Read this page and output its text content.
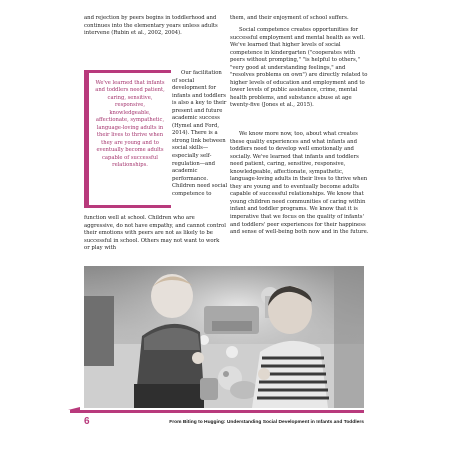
and rejection by peers begins in toddlerhood and continues into the elementary years unless adults intervene (Rubin et al., 2002, 2004).

We've learned that infants and toddlers need patient, caring, sensitive, responsive, knowledgeable, affectionate, sympathetic, language-loving adults in their lives to thrive when they are young and to eventually become adults capable of successful relationships.

Our facilitation of social development for infants and toddlers is also a key to their present and future academic success (Hymel and Ford, 2014). There is a strong link between social skills—especially self-regulation—and academic performance. Children need social competence to

function well at school. Children who are aggressive, do not have empathy, and cannot control their emotions with peers are not as likely to be successful in school. Others may not want to work or play with

them, and their enjoyment of school suffers.

Social competence creates opportunities for successful employment and mental health as well. We've learned that higher levels of social competence in kindergarten ("cooperates with peers without prompting," "is helpful to others," "very good at understanding feelings," and "resolves problems on own") are directly related to higher levels of education and employment and to lower levels of public assistance, crime, mental health problems, and substance abuse at age twenty-five (Jones et al., 2015).

We know more now, too, about what creates these quality experiences and what infants and toddlers need to develop well emotionally and socially. We've learned that infants and toddlers need patient, caring, sensitive, responsive, knowledgeable, affectionate, sympathetic, language-loving adults in their lives to thrive when they are young and to eventually become adults capable of successful relationships. We know that young children need communities of caring within infant and toddler programs. We know that it is imperative that we focus on the quality of infants' and toddlers' peer experiences for their happiness and sense of well-being both now and in the future.

6	From Biting to Hugging: Understanding Social Development in Infants and Toddlers
